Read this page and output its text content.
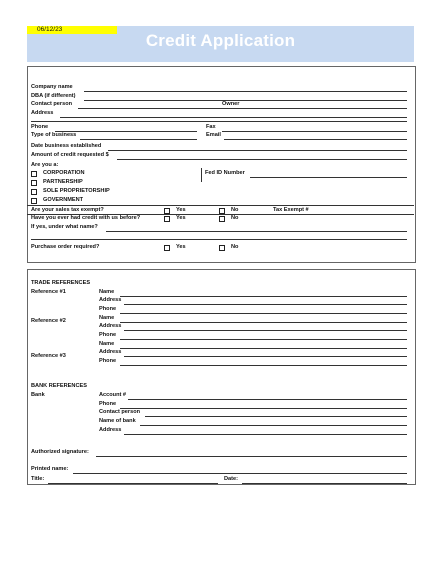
06/12/23
Credit Application
Company name
DBA (if different)
Contact person	Owner
Address
Phone	Fax
Type of business	Email
Date business established
Amount of credit requested $
Are you a:
CORPORATION
PARTNERSHIP
SOLE PROPRIETORSHIP
GOVERNMENT
Fed ID Number
Are your sales tax exempt?	Yes	No	Tax Exempt #
Have you ever had credit with us before?	Yes	No
If yes, under what name?
Purchase order required?	Yes	No
TRADE REFERENCES
Reference #1	Name
Address
Phone
Reference #2	Name
Address
Phone
Reference #3
Name
Address
Phone
BANK REFERENCES
Bank	Account #
Phone
Contact person
Name of bank
Address
Authorized signature:
Printed name:
Title:	Date:
